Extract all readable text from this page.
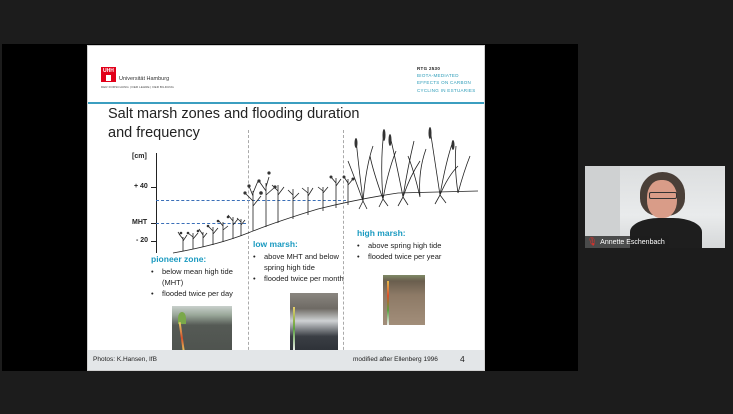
UHH
Universität Hamburg
DER FORSCHUNG | DER LEHRE | DER BILDUNG
RTG 2530
BIOTA-MEDIATED
EFFECTS ON CARBON
CYCLING IN ESTUARIES
Salt marsh zones and flooding duration
and frequency
[cm]
+ 40
MHT
- 20
pioneer zone:
• below mean high tide (MHT)
• flooded twice per day
low marsh:
• above MHT and below spring high tide
• flooded twice per month
high marsh:
• above spring high tide
• flooded twice per year
Photos: K.Hansen, IfB	modified after Ellenberg 1996	4
🎙︎ Annette Eschenbach
